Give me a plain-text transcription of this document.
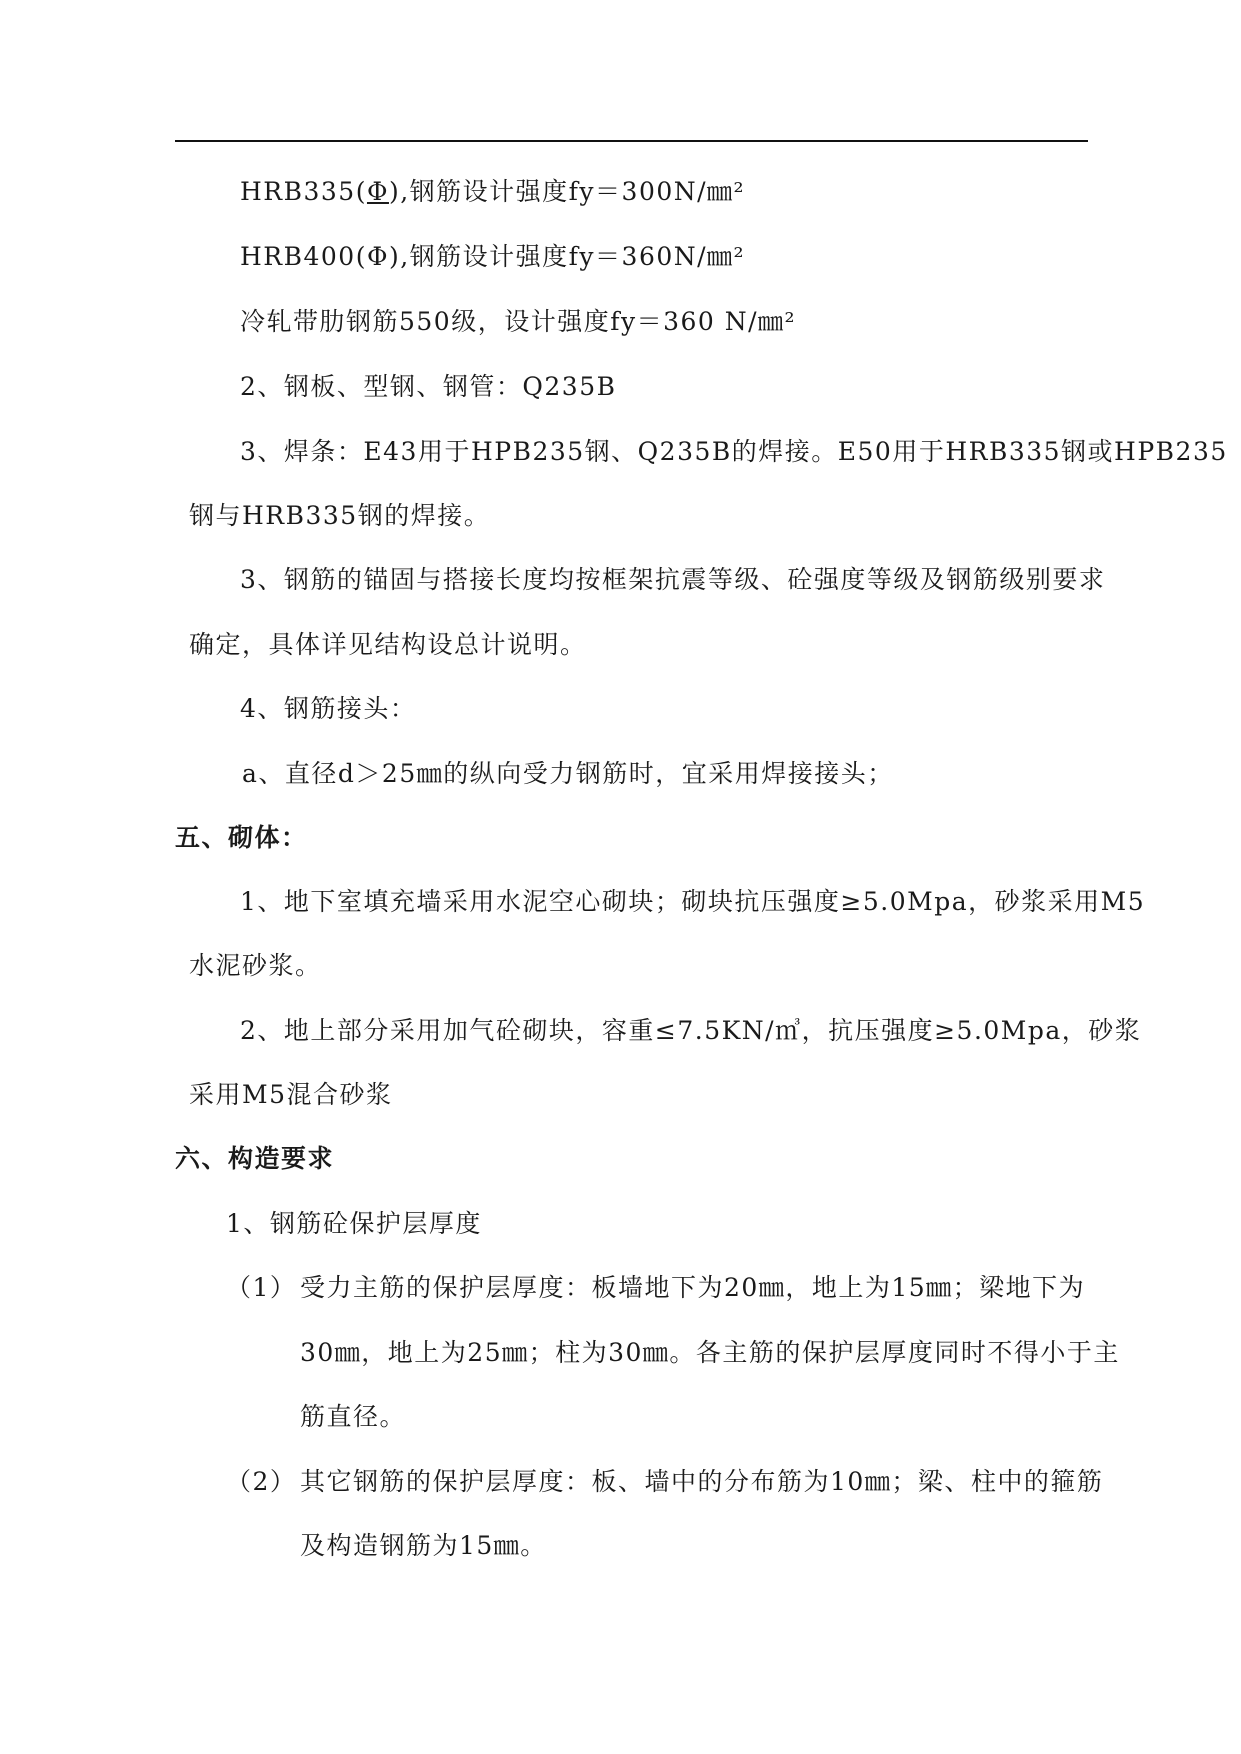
HRB335(Φ),钢筋设计强度fy＝300N/㎜²
HRB400(Φ),钢筋设计强度fy＝360N/㎜²
冷轧带肋钢筋550级，设计强度fy＝360 N/㎜²
2、钢板、型钢、钢管：Q235B
3、焊条：E43用于HPB235钢、Q235B的焊接。E50用于HRB335钢或HPB235
钢与HRB335钢的焊接。
3、钢筋的锚固与搭接长度均按框架抗震等级、砼强度等级及钢筋级别要求
确定，具体详见结构设总计说明。
4、钢筋接头：
a、直径d＞25㎜的纵向受力钢筋时，宜采用焊接接头；
五、砌体：
1、地下室填充墙采用水泥空心砌块；砌块抗压强度≥5.0Mpa，砂浆采用M5
水泥砂浆。
2、地上部分采用加气砼砌块，容重≤7.5KN/㎥，抗压强度≥5.0Mpa，砂浆
采用M5混合砂浆
六、构造要求
1、钢筋砼保护层厚度
（1） 受力主筋的保护层厚度：板墙地下为20㎜，地上为15㎜；梁地下为
30㎜，地上为25㎜；柱为30㎜。各主筋的保护层厚度同时不得小于主
筋直径。
（2） 其它钢筋的保护层厚度：板、墙中的分布筋为10㎜；梁、柱中的箍筋
及构造钢筋为15㎜。
